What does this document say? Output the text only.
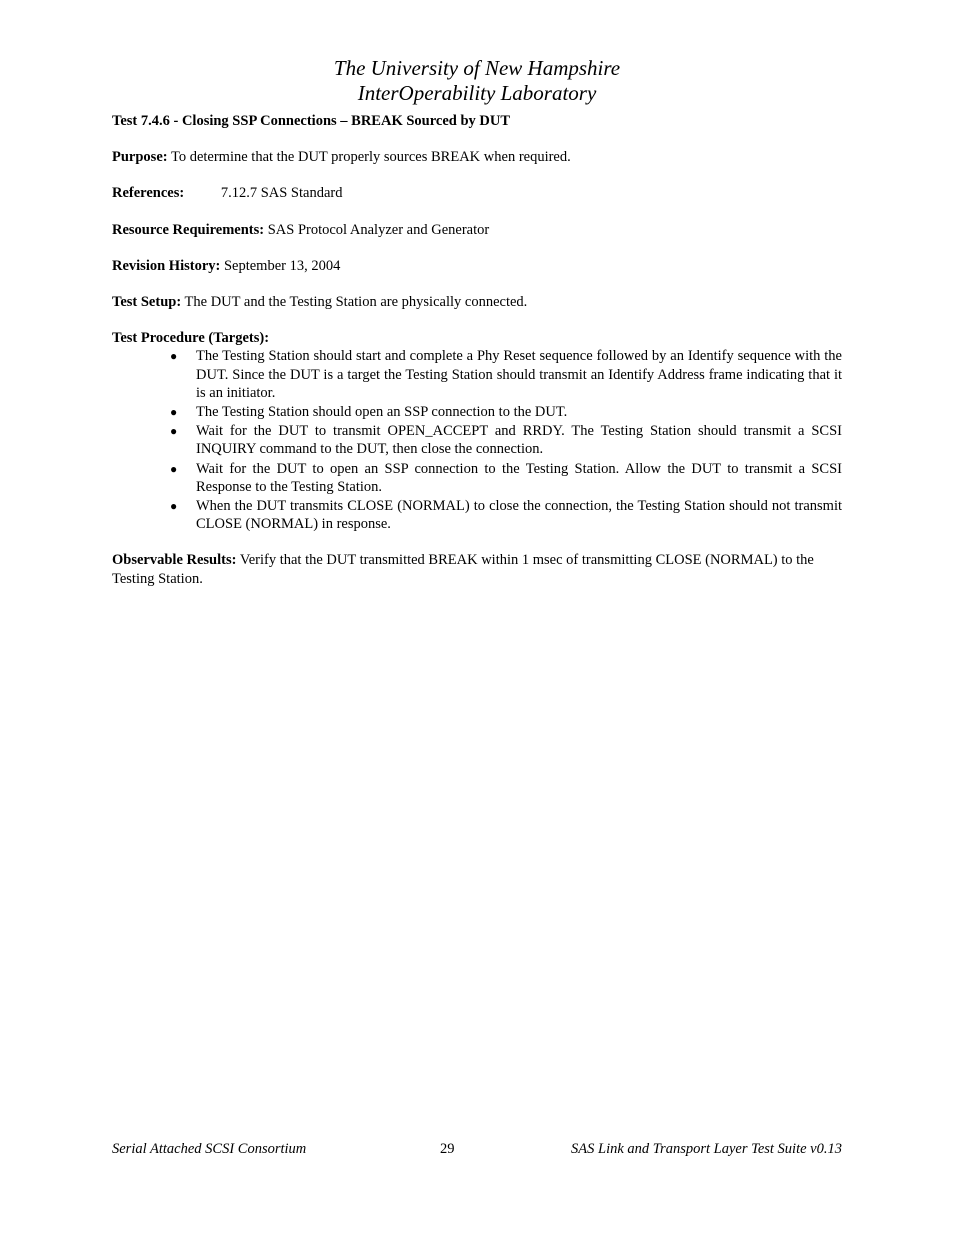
The University of New Hampshire
InterOperability Laboratory
Test 7.4.6 - Closing SSP Connections – BREAK Sourced by DUT
Purpose: To determine that the DUT properly sources BREAK when required.
References:	7.12.7 SAS Standard
Resource Requirements: SAS Protocol Analyzer and Generator
Revision History: September 13, 2004
Test Setup: The DUT and the Testing Station are physically connected.
Test Procedure (Targets):
● The Testing Station should start and complete a Phy Reset sequence followed by an Identify sequence with the DUT. Since the DUT is a target the Testing Station should transmit an Identify Address frame indicating that it is an initiator.
● The Testing Station should open an SSP connection to the DUT.
● Wait for the DUT to transmit OPEN_ACCEPT and RRDY. The Testing Station should transmit a SCSI INQUIRY command to the DUT, then close the connection.
● Wait for the DUT to open an SSP connection to the Testing Station. Allow the DUT to transmit a SCSI Response to the Testing Station.
● When the DUT transmits CLOSE (NORMAL) to close the connection, the Testing Station should not transmit CLOSE (NORMAL) in response.
Observable Results: Verify that the DUT transmitted BREAK within 1 msec of transmitting CLOSE (NORMAL) to the Testing Station.
Serial Attached SCSI Consortium	29	SAS Link and Transport Layer Test Suite v0.13
